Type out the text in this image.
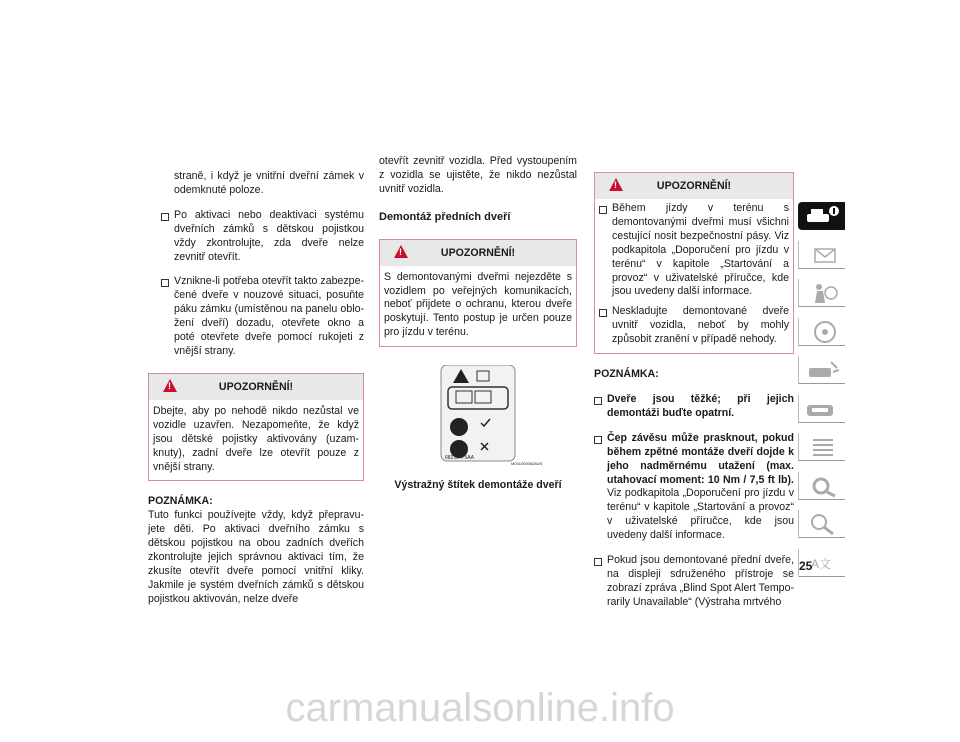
straně, i když je vnitřní dveřní zámek v odemknuté poloze.

Po aktivaci nebo deaktivaci systému dveřních zámků s dětskou pojistkou vždy zkontrolujte, zda dveře nelze zevnitř otevřít.
Vznikne-li potřeba otevřít takto zabezpe-čené dveře v nouzové situaci, posuňte páku zámku (umístěnou na panelu oblo-žení dveří) dozadu, otevřete okno a poté otevřete dveře pomocí rukojeti z vnější strany.
!	UPOZORNĚNÍ!
Dbejte, aby po nehodě nikdo nezůstal ve vozidle uzavřen. Nezapomeňte, že když jsou dětské pojistky aktivovány (uzam-knuty), zadní dveře lze otevřít pouze z vnější strany.
POZNÁMKA:

Tuto funkci používejte vždy, když přepravu-jete děti. Po aktivaci dveřního zámku s dětskou pojistkou na obou zadních dveřích zkontrolujte jejich správnou aktivaci tím, že zkusíte otevřít dveře pomocí vnitřní kliky. Jakmile je systém dveřních zámků s dětskou pojistkou aktivován, nelze dveře

otevřít zevnitř vozidla. Před vystoupením z vozidla se ujistěte, že nikdo nezůstal uvnitř vozidla.

Demontáž předních dveří
!	UPOZORNĚNÍ!
S demontovanými dveřmi nejezděte s vozidlem po veřejných komunikacích, neboť přijdete o ochranu, kterou dveře poskytují. Tento postup je určen pouze pro jízdu v terénu.
68215475AA
M0310000628US
Výstražný štítek demontáže dveří
!	UPOZORNĚNÍ!
Během jízdy v terénu s demontovanými dveřmi musí všichni cestující nosit bezpečnostní pásy. Viz podkapitola „Doporučení pro jízdu v terénu“ v kapitole „Startování a provoz“ v uživatelské příručce, kde jsou uvedeny další informace.
Neskladujte demontované dveře uvnitř vozidla, neboť by mohly způsobit zranění v případě nehody.
POZNÁMKA:
Dveře jsou těžké; při jejich demontáži buďte opatrní.
Čep závěsu může prasknout, pokud během zpětné montáže dveří dojde k jeho nadměrnému utažení (max. utahovací moment: 10 Nm / 7,5 ft lb). Viz podkapitola „Doporučení pro jízdu v terénu“ v kapitole „Startování a provoz“ v uživatelské příručce, kde jsou uvedeny další informace.
Pokud jsou demontované přední dveře, na displeji sdruženého přístroje se zobrazí zpráva „Blind Spot Alert Tempo-rarily Unavailable“ (Výstraha mrtvého
A文
25
carmanualsonline.info
